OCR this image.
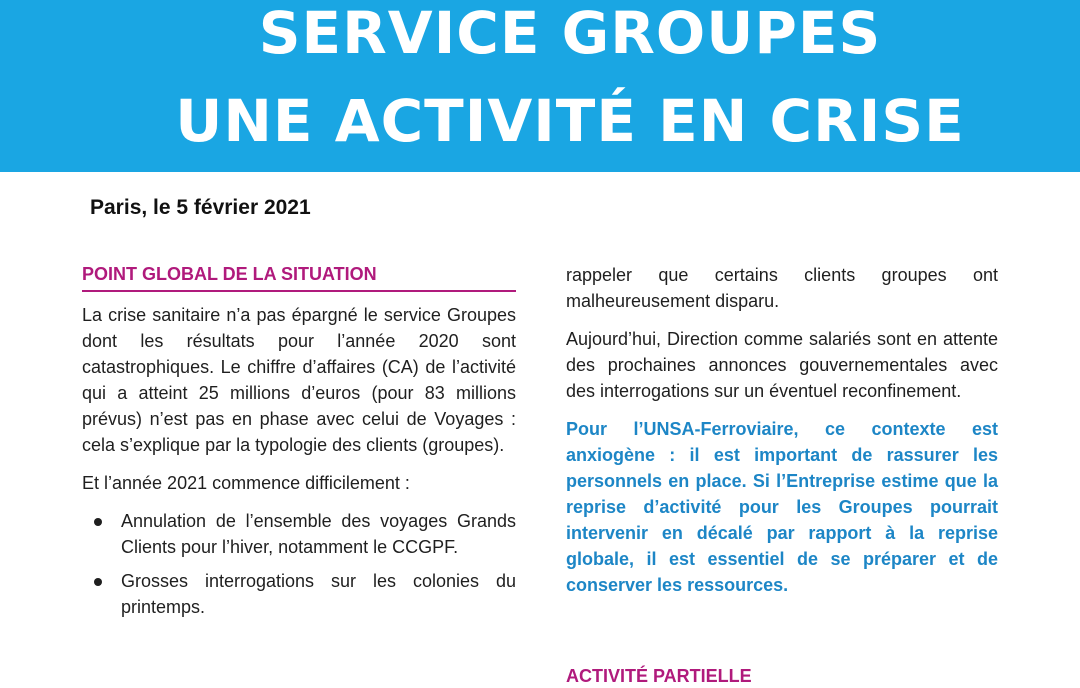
SERVICE GROUPES
UNE ACTIVITÉ EN CRISE
Paris, le 5 février 2021
POINT GLOBAL DE LA SITUATION

La crise sanitaire n’a pas épargné le service Groupes dont les résultats pour l’année 2020 sont catastrophiques. Le chiffre d’affaires (CA) de l’activité qui a atteint 25 millions d’euros (pour 83 millions prévus) n’est pas en phase avec celui de Voyages : cela s’explique par la typologie des clients (groupes).

Et l’année 2021 commence difficilement :

Annulation de l’ensemble des voyages Grands Clients pour l’hiver, notamment le CCGPF.
Grosses interrogations sur les colonies du printemps.

rappeler que certains clients groupes ont malheureusement disparu.

Aujourd’hui, Direction comme salariés sont en attente des prochaines annonces gouvernementales avec des interrogations sur un éventuel reconfinement.

Pour l’UNSA-Ferroviaire, ce contexte est anxiogène : il est important de rassurer les personnels en place. Si l’Entreprise estime que la reprise d’activité pour les Groupes pourrait intervenir en décalé par rapport à la reprise globale, il est essentiel de se préparer et de conserver les ressources.

ACTIVITÉ PARTIELLE
